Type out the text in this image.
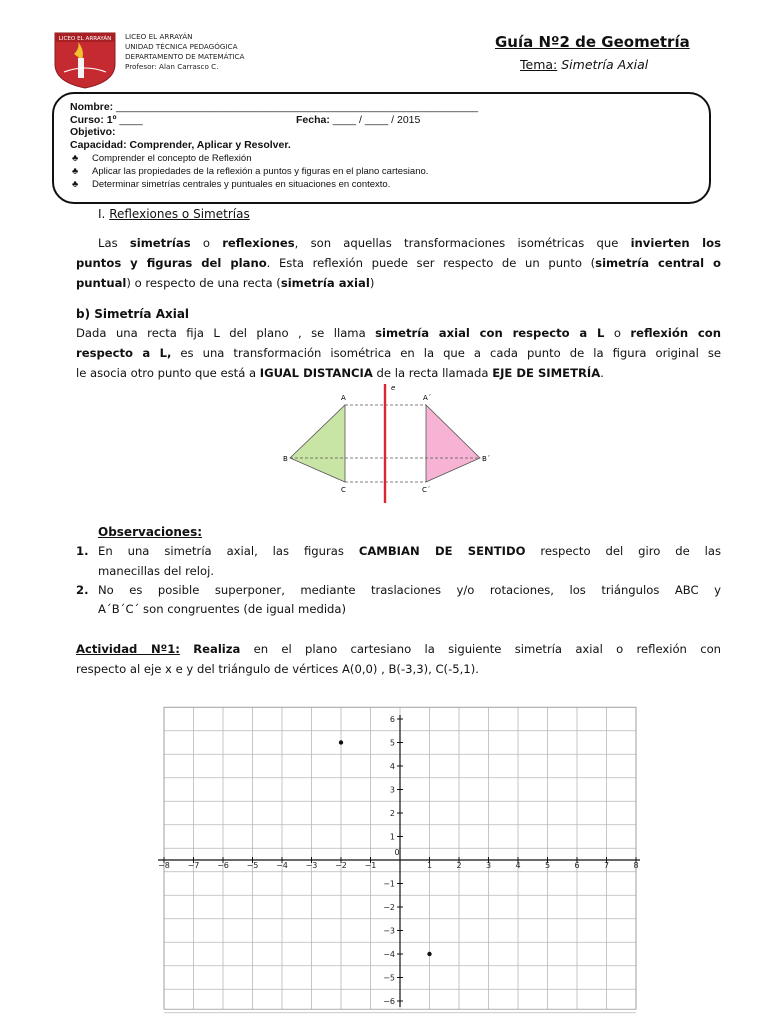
LICEO EL ARRAYÁN LICEO EL ARRAYÁN
UNIDAD TÉCNICA PEDAGÓGICA
DEPARTAMENTO DE MATEMÁTICA
Profesor: Alan Carrasco C.
Guía Nº2 de Geometría
Tema: Simetría Axial
Nombre: ______________________________________________________________
Curso: 1º ____	Fecha: ____ / ____ / 2015
Objetivo:
Capacidad: Comprender, Aplicar y Resolver.
♣ Comprender el concepto de Reflexión
♣ Aplicar las propiedades de la reflexión a puntos y figuras en el plano cartesiano.
♣ Determinar simetrías centrales y puntuales en situaciones en contexto.
I. Reflexiones o Simetrías
Las simetrías o reflexiones, son aquellas transformaciones isométricas que invierten los
puntos y figuras del plano. Esta reflexión puede ser respecto de un punto (simetría central o
puntual) o respecto de una recta (simetría axial)
b) Simetría Axial
Dada una recta fija L del plano , se llama simetría axial con respecto a L o reflexión con
respecto a L, es una transformación isométrica en la que a cada punto de la figura original se
le asocia otro punto que está a IGUAL DISTANCIA de la recta llamada EJE DE SIMETRÍA.
e
A
B
C
A´
B´
C´
Observaciones:
1. En una simetría axial, las figuras CAMBIAN DE SENTIDO respecto del giro de las
manecillas del reloj.
2. No es posible superponer, mediante traslaciones y/o rotaciones, los triángulos ABC y
A´B´C´ son congruentes (de igual medida)
Actividad Nº1: Realiza en el plano cartesiano la siguiente simetría axial o reflexión con
respecto al eje x e y del triángulo de vértices A(0,0) , B(-3,3), C(-5,1).
−8 −7 −6 −5 −4 −3 −2 −1
0
1	2	3	4	5	6	7	8
−6
−5
−4
−3
−2
−1
1
2
3
4
5
6
